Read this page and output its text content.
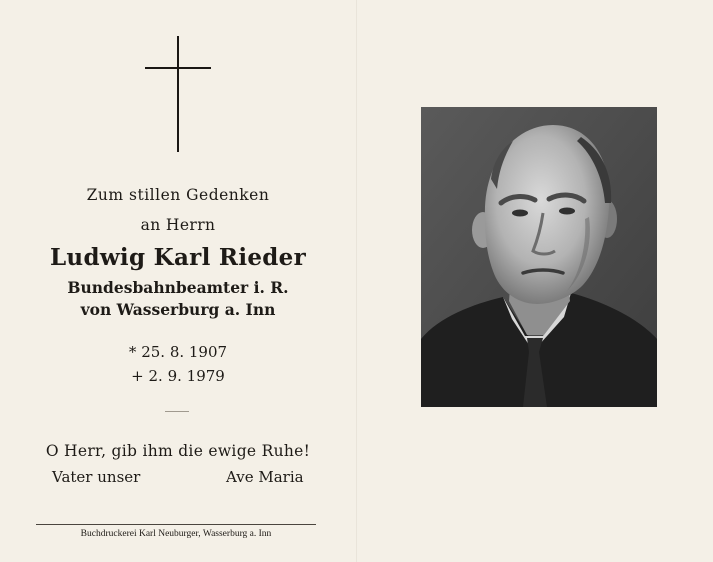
Zum stillen Gedenken
an Herrn
Ludwig Karl Rieder
Bundesbahnbeamter i. R.
von Wasserburg a. Inn
* 25. 8. 1907
+ 2. 9. 1979
O Herr, gib ihm die ewige Ruhe!
Vater unser	Ave Maria
Buchdruckerei Karl Neuburger, Wasserburg a. Inn
